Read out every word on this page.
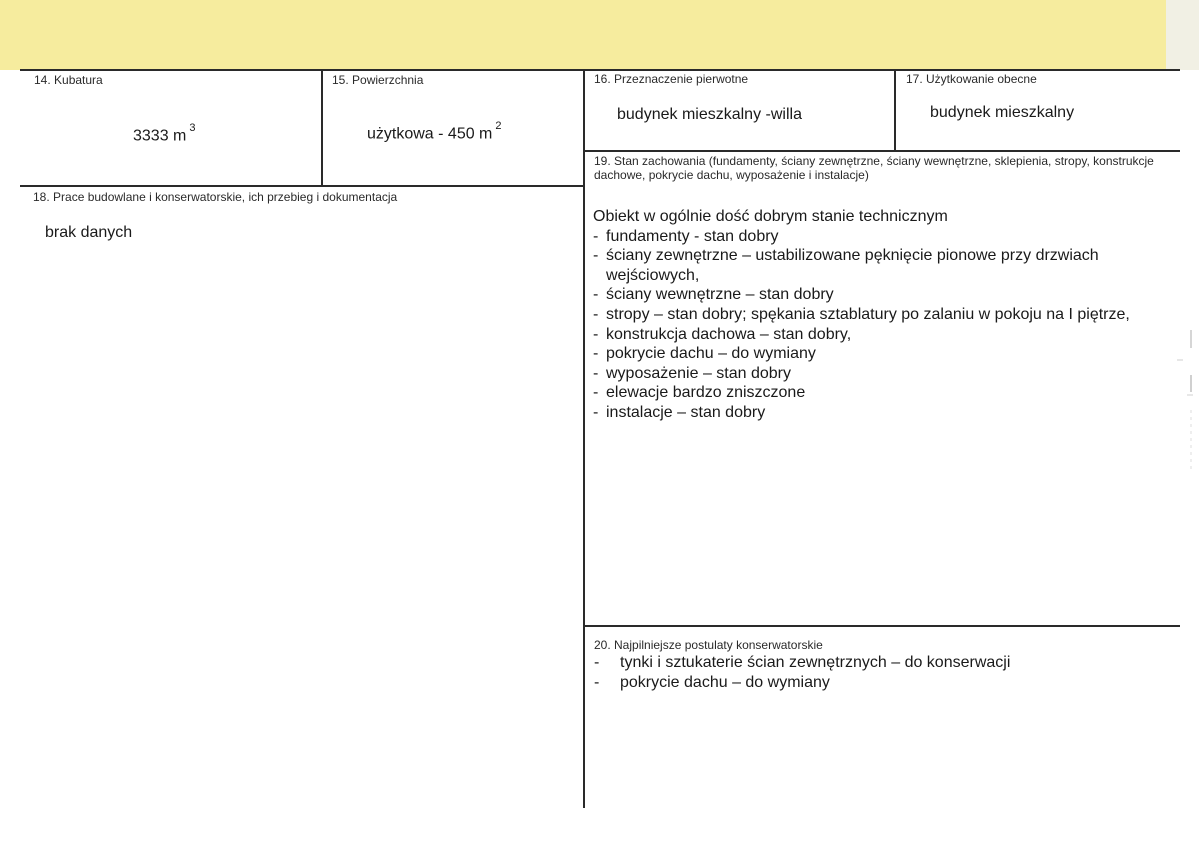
14. Kubatura
3333 m $^3$
15. Powierzchnia
użytkowa - 450 m $^2$
16. Przeznaczenie pierwotne
budynek mieszkalny -willa
17. Użytkowanie obecne
budynek mieszkalny
18. Prace budowlane i konserwatorskie, ich przebieg i dokumentacja
brak danych
19. Stan zachowania (fundamenty, ściany zewnętrzne, ściany wewnętrzne, sklepienia, stropy, konstrukcje dachowe, pokrycie dachu, wyposażenie i instalacje)
Obiekt w ogólnie dość dobrym stanie technicznym
- fundamenty - stan dobry
- ściany zewnętrzne – ustabilizowane pęknięcie pionowe przy drzwiach wejściowych,
- ściany wewnętrzne – stan dobry
- stropy – stan dobry; spękania sztablatury po zalaniu w pokoju na I piętrze,
- konstrukcja dachowa – stan dobry,
- pokrycie dachu – do wymiany
- wyposażenie – stan dobry
- elewacje bardzo zniszczone
- instalacje – stan dobry
20. Najpilniejsze postulaty konserwatorskie
- tynki i sztukaterie ścian zewnętrznych – do konserwacji
- pokrycie dachu – do wymiany
